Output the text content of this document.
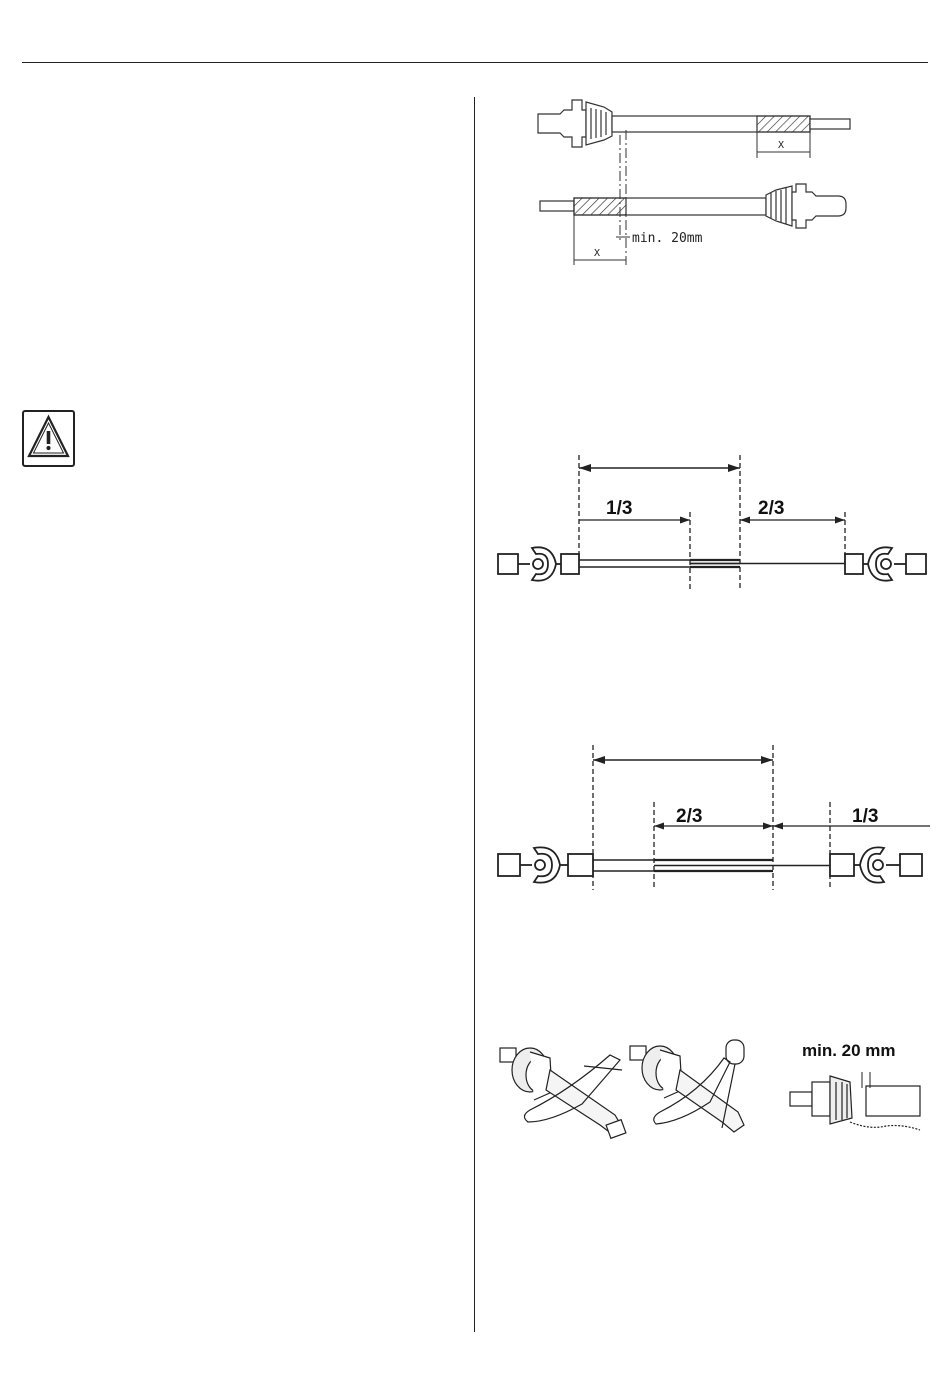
X
X
min. 20mm
1/3	2/3
2/3	1/3
min. 20 mm
